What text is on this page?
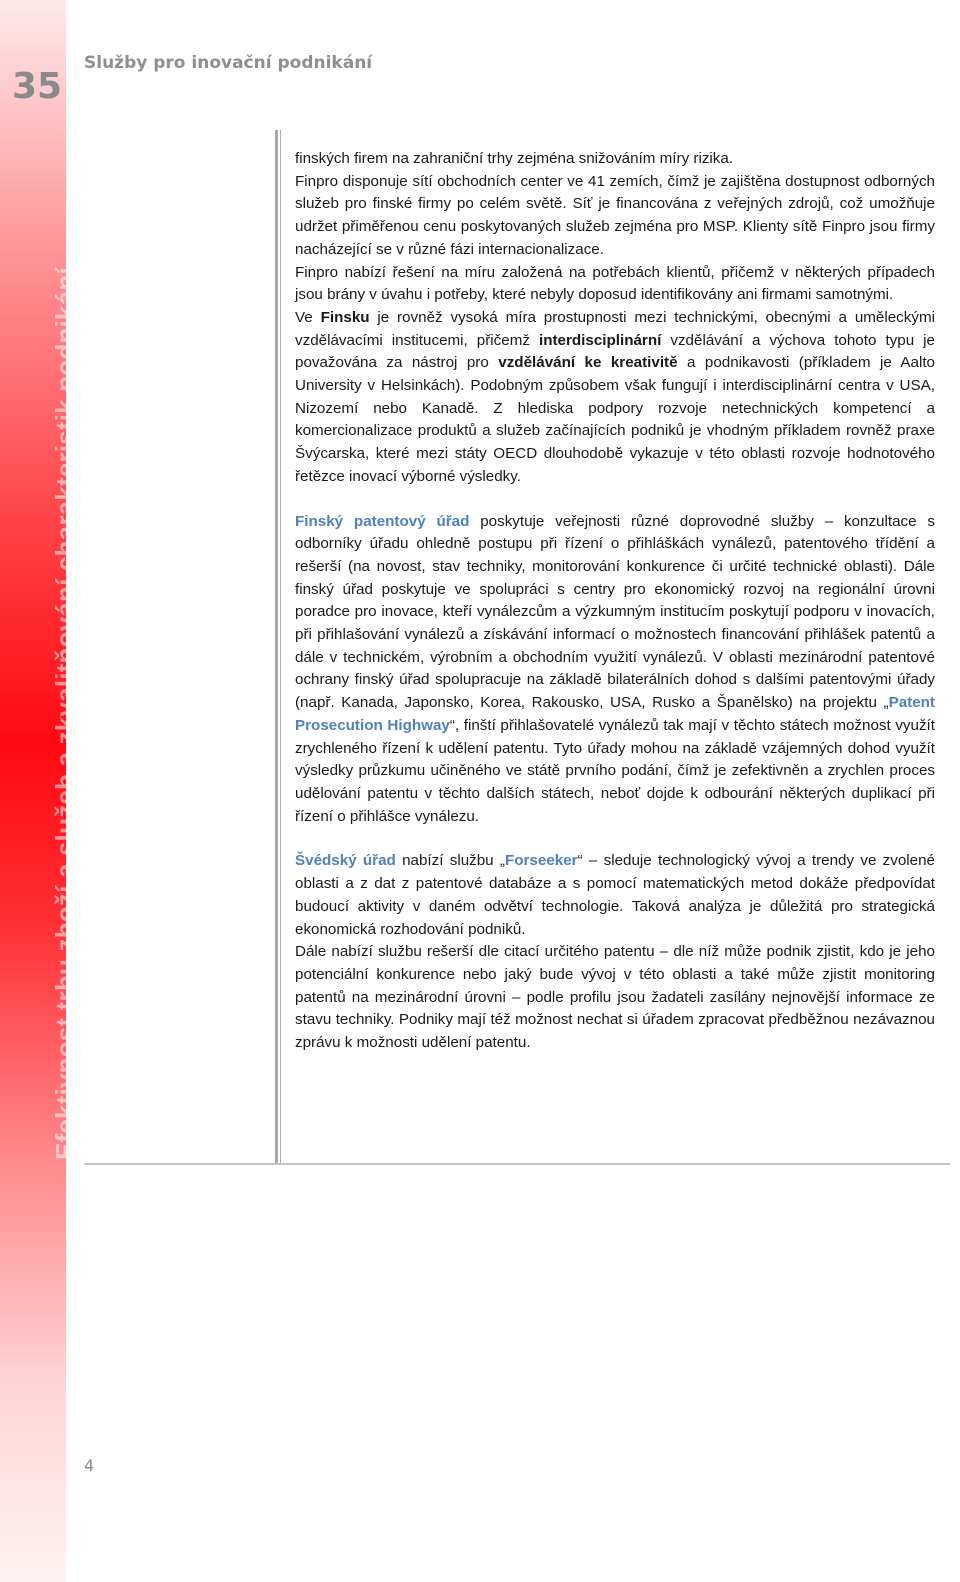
Efektivnost trhu zboží a služeb a zkvalitňování charakteristik podnikání
35
Služby pro inovační podnikání

finských firem na zahraniční trhy zejména snižováním míry rizika.

Finpro disponuje sítí obchodních center ve 41 zemích, čímž je zajištěna dostupnost odborných služeb pro finské firmy po celém světě. Síť je financována z veřejných zdrojů, což umožňuje udržet přiměřenou cenu poskytovaných služeb zejména pro MSP. Klienty sítě Finpro jsou firmy nacházející se v různé fázi internacionalizace.

Finpro nabízí řešení na míru založená na potřebách klientů, přičemž v některých případech jsou brány v úvahu i potřeby, které nebyly doposud identifikovány ani firmami samotnými.

Ve Finsku je rovněž vysoká míra prostupnosti mezi technickými, obecnými a uměleckými vzdělávacími institucemi, přičemž interdisciplinární vzdělávání a výchova tohoto typu je považována za nástroj pro vzdělávání ke kreativitě a podnikavosti (příkladem je Aalto University v Helsinkách). Podobným způsobem však fungují i interdisciplinární centra v USA, Nizozemí nebo Kanadě. Z hlediska podpory rozvoje netechnických kompetencí a komercionalizace produktů a služeb začínajících podniků je vhodným příkladem rovněž praxe Švýcarska, které mezi státy OECD dlouhodobě vykazuje v této oblasti rozvoje hodnotového řetězce inovací výborné výsledky.

Finský patentový úřad poskytuje veřejnosti různé doprovodné služby – konzultace s odborníky úřadu ohledně postupu při řízení o přihláškách vynálezů, patentového třídění a rešerší (na novost, stav techniky, monitorování konkurence či určité technické oblasti). Dále finský úřad poskytuje ve spolupráci s centry pro ekonomický rozvoj na regionální úrovni poradce pro inovace, kteří vynálezcům a výzkumným institucím poskytují podporu v inovacích, při přihlašování vynálezů a získávání informací o možnostech financování přihlášek patentů a dále v technickém, výrobním a obchodním využití vynálezů. V oblasti mezinárodní patentové ochrany finský úřad spolupracuje na základě bilaterálních dohod s dalšími patentovými úřady (např. Kanada, Japonsko, Korea, Rakousko, USA, Rusko a Španělsko) na projektu „Patent Prosecution Highway“, finští přihlašovatelé vynálezů tak mají v těchto státech možnost využít zrychleného řízení k udělení patentu. Tyto úřady mohou na základě vzájemných dohod využít výsledky průzkumu učiněného ve státě prvního podání, čímž je zefektivněn a zrychlen proces udělování patentu v těchto dalších státech, neboť dojde k odbourání některých duplikací při řízení o přihlášce vynálezu.

Švédský úřad nabízí službu „Forseeker“ – sleduje technologický vývoj a trendy ve zvolené oblasti a z dat z patentové databáze a s pomocí matematických metod dokáže předpovídat budoucí aktivity v daném odvětví technologie. Taková analýza je důležitá pro strategická ekonomická rozhodování podniků.

Dále nabízí službu rešerší dle citací určitého patentu – dle níž může podnik zjistit, kdo je jeho potenciální konkurence nebo jaký bude vývoj v této oblasti a také může zjistit monitoring patentů na mezinárodní úrovni – podle profilu jsou žadateli zasílány nejnovější informace ze stavu techniky. Podniky mají též možnost nechat si úřadem zpracovat předběžnou nezávaznou zprávu k možnosti udělení patentu.

4
